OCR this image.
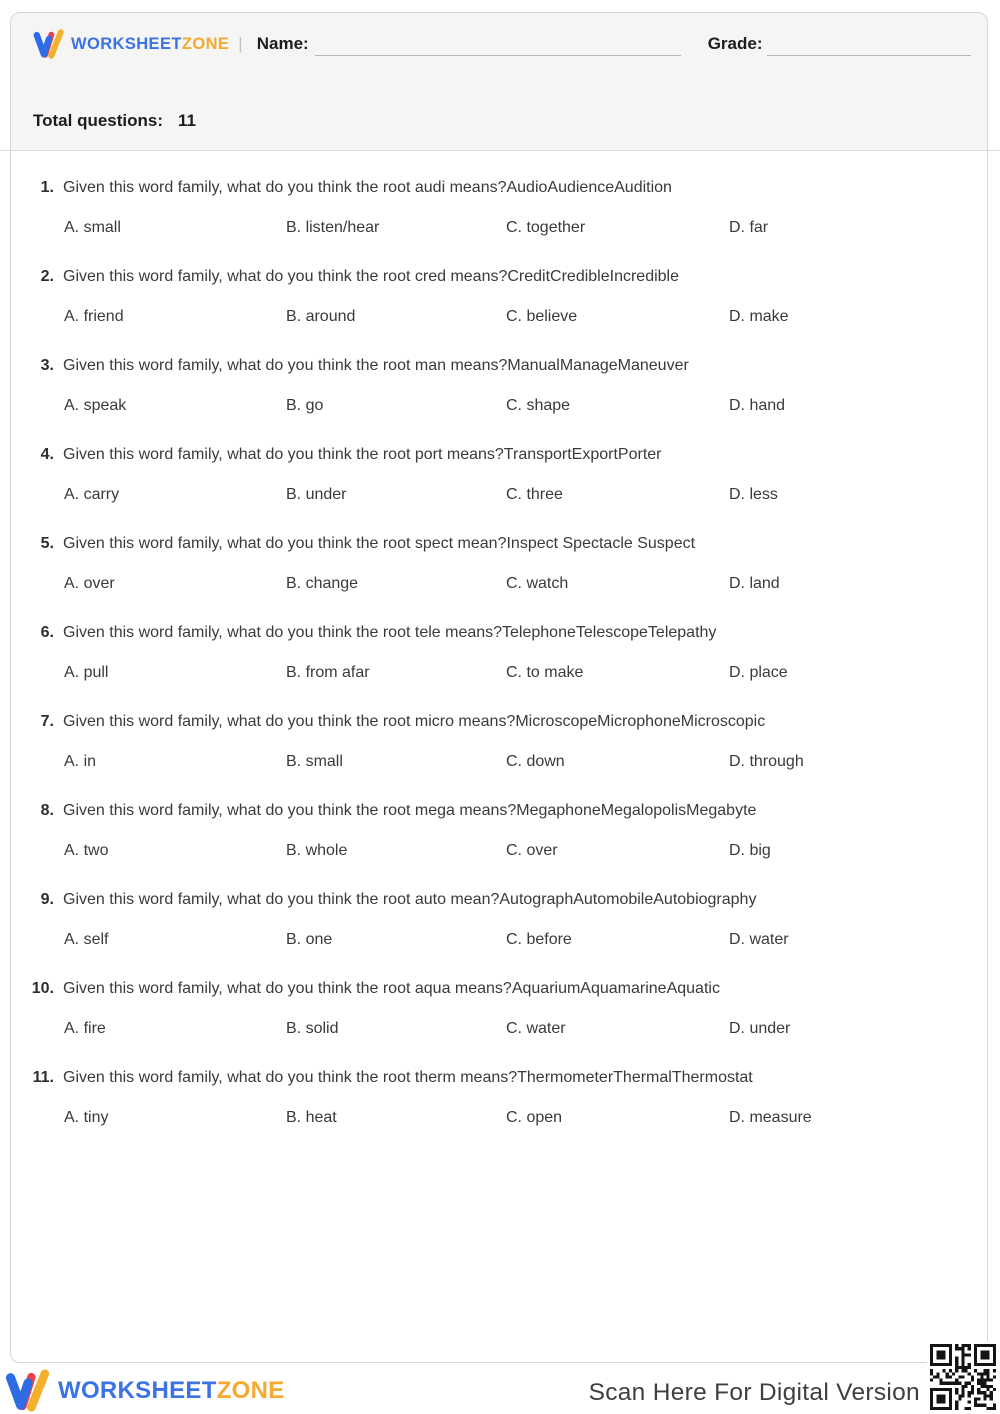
WORKSHEETZONE | Name:	Grade:
Total questions: 11
1. Given this word family, what do you think the root audi means?AudioAudienceAudition
A. small	B. listen/hear	C. together	D. far
2. Given this word family, what do you think the root cred means?CreditCredibleIncredible
A. friend	B. around	C. believe	D. make
3. Given this word family, what do you think the root man means?ManualManageManeuver
A. speak	B. go	C. shape	D. hand
4. Given this word family, what do you think the root port means?TransportExportPorter
A. carry	B. under	C. three	D. less
5. Given this word family, what do you think the root spect mean?Inspect Spectacle Suspect
A. over	B. change	C. watch	D. land
6. Given this word family, what do you think the root tele means?TelephoneTelescopeTelepathy
A. pull	B. from afar	C. to make	D. place
7. Given this word family, what do you think the root micro means?MicroscopeMicrophoneMicroscopic
A. in	B. small	C. down	D. through
8. Given this word family, what do you think the root mega means?MegaphoneMegalopolisMegabyte
A. two	B. whole	C. over	D. big
9. Given this word family, what do you think the root auto mean?AutographAutomobileAutobiography
A. self	B. one	C. before	D. water
10. Given this word family, what do you think the root aqua means?AquariumAquamarineAquatic
A. fire	B. solid	C. water	D. under
11. Given this word family, what do you think the root therm means?ThermometerThermalThermostat
A. tiny	B. heat	C. open	D. measure
WORKSHEETZONE	Scan Here For Digital Version
